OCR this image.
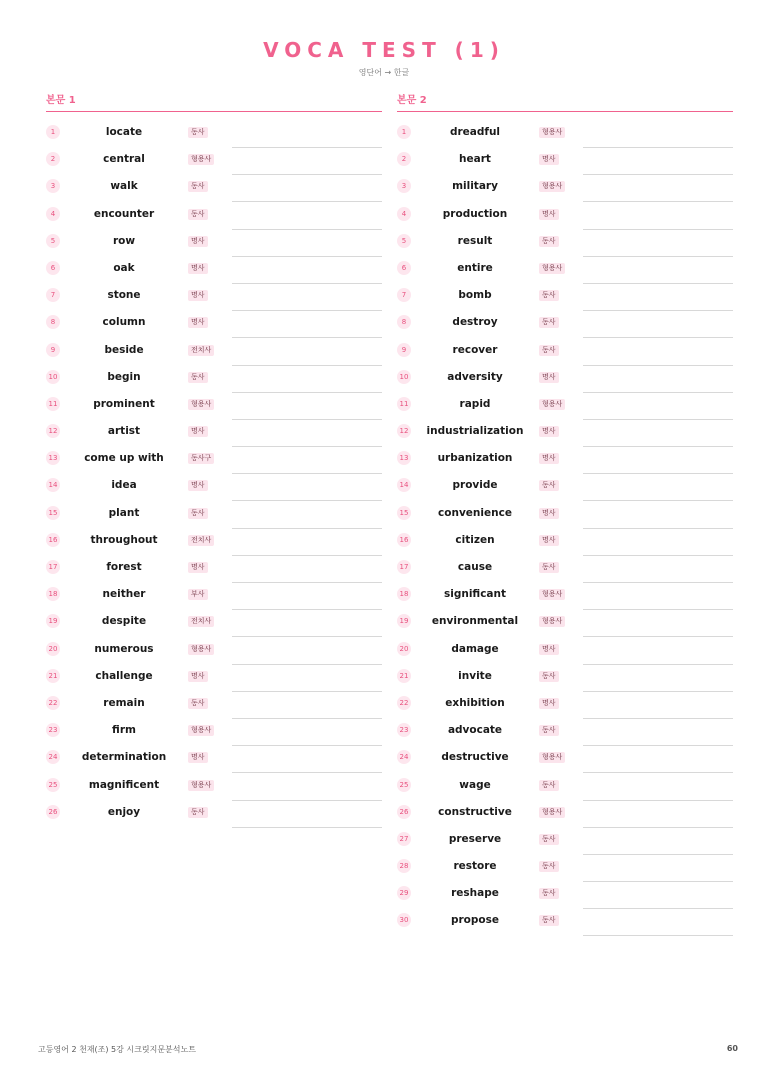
VOCA TEST (1)
영단어 → 한글
본문 1
1	locate	동사
2	central	형용사
3	walk	동사
4	encounter	동사
5	row	명사
6	oak	명사
7	stone	명사
8	column	명사
9	beside	전치사
10	begin	동사
11	prominent	형용사
12	artist	명사
13	come up with	동사구
14	idea	명사
15	plant	동사
16	throughout	전치사
17	forest	명사
18	neither	부사
19	despite	전치사
20	numerous	형용사
21	challenge	명사
22	remain	동사
23	firm	형용사
24	determination	명사
25	magnificent	형용사
26	enjoy	동사
본문 2
1	dreadful	형용사
2	heart	명사
3	military	형용사
4	production	명사
5	result	동사
6	entire	형용사
7	bomb	동사
8	destroy	동사
9	recover	동사
10	adversity	명사
11	rapid	형용사
12	industrialization	명사
13	urbanization	명사
14	provide	동사
15	convenience	명사
16	citizen	명사
17	cause	동사
18	significant	형용사
19	environmental	형용사
20	damage	명사
21	invite	동사
22	exhibition	명사
23	advocate	동사
24	destructive	형용사
25	wage	동사
26	constructive	형용사
27	preserve	동사
28	restore	동사
29	reshape	동사
30	propose	동사
고등영어 2 천재(조) 5강 시크릿지문분석노트	60
